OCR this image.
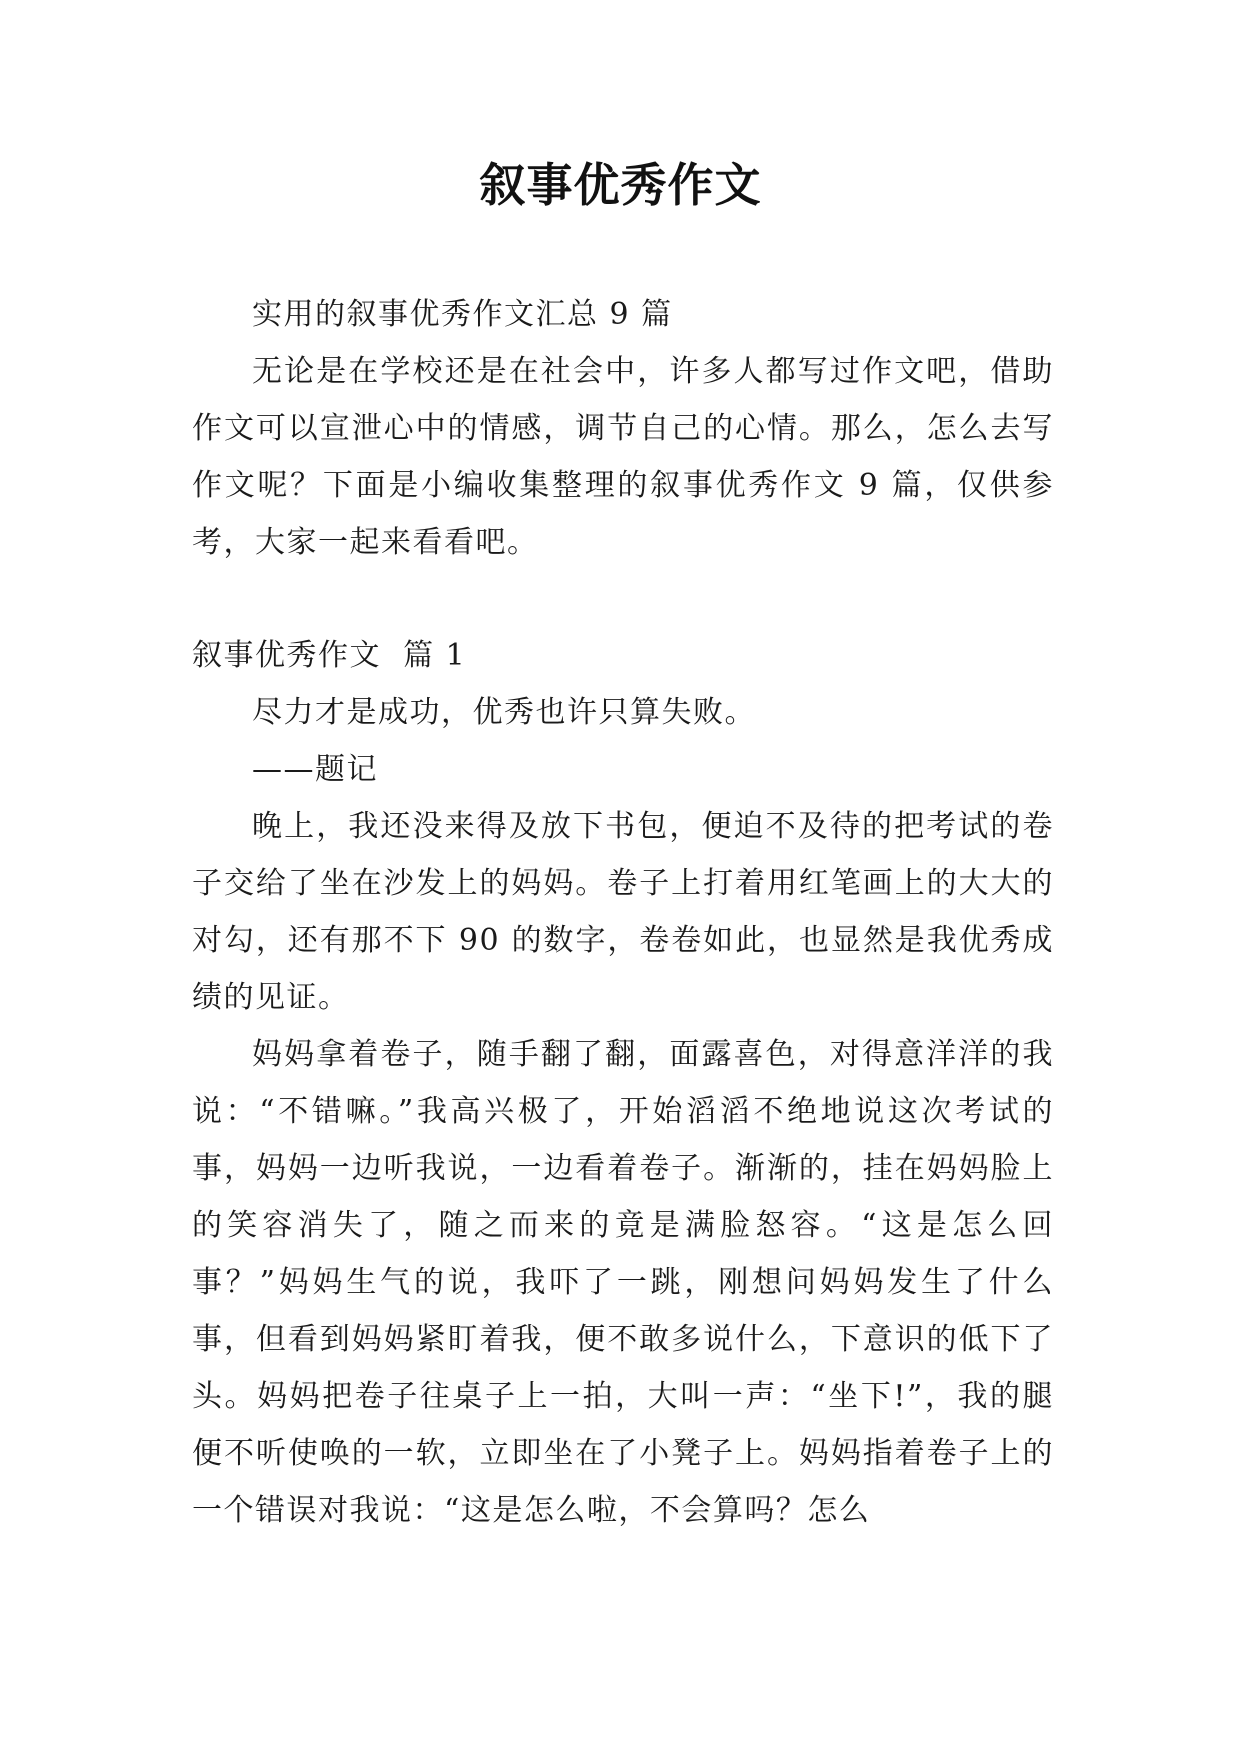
叙事优秀作文

实用的叙事优秀作文汇总 9 篇

无论是在学校还是在社会中，许多人都写过作文吧，借助作文可以宣泄心中的情感，调节自己的心情。那么，怎么去写作文呢？下面是小编收集整理的叙事优秀作文 9 篇，仅供参考，大家一起来看看吧。

叙事优秀作文  篇 1

尽力才是成功，优秀也许只算失败。

——题记

晚上，我还没来得及放下书包，便迫不及待的把考试的卷子交给了坐在沙发上的妈妈。卷子上打着用红笔画上的大大的对勾，还有那不下 90 的数字，卷卷如此，也显然是我优秀成绩的见证。

妈妈拿着卷子，随手翻了翻，面露喜色，对得意洋洋的我说：“不错嘛。”我高兴极了，开始滔滔不绝地说这次考试的事，妈妈一边听我说，一边看着卷子。渐渐的，挂在妈妈脸上的笑容消失了，随之而来的竟是满脸怒容。“这是怎么回事？”妈妈生气的说，我吓了一跳，刚想问妈妈发生了什么事，但看到妈妈紧盯着我，便不敢多说什么，下意识的低下了头。妈妈把卷子往桌子上一拍，大叫一声：“坐下!”，我的腿便不听使唤的一软，立即坐在了小凳子上。妈妈指着卷子上的一个错误对我说：“这是怎么啦，不会算吗？怎么
